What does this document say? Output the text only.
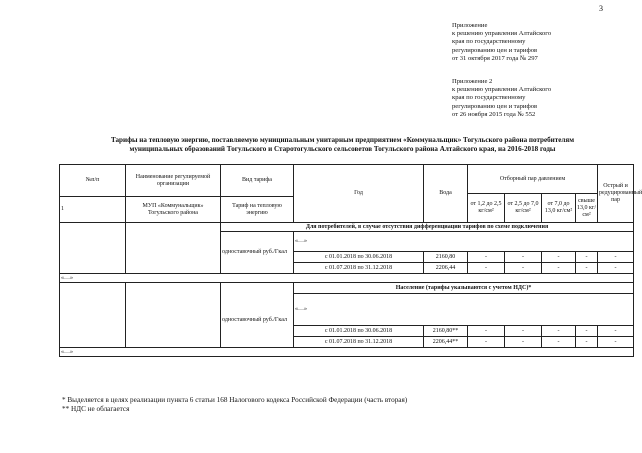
3
Приложение
к решению управления Алтайского
края по государственному
регулированию цен и тарифов
от 31 октября 2017 года № 297
Приложение 2
к решению управления Алтайского
края по государственному
регулированию цен и тарифов
от 26 ноября 2015 года № 552
Тарифы на тепловую энергию, поставляемую муниципальным унитарным предприятием «Коммунальщик» Тогульского района потребителям
муниципальных образований Тогульского и Старотогульского сельсоветов Тогульского района Алтайского края, на 2016-2018 годы
№п/п	Наименование регулируемой организации	Вид тарифа	Год	Вода	Отборный пар давлением				Острый и редуцированный пар
					от 1,2 до 2,5 кг/см²	от 2,5 до 7,0 кг/см²	от 7,0 до 13,0 кг/см²	свыше 13,0 кг/см²	
1	МУП «Коммунальщик» Тогульского района	Тариф на тепловую энергию							
		Для потребителей, в случае отсутствия дифференциации тарифов по схеме подключения							
		одноставочный руб./Гкал	«…»						
			с 01.01.2018 по 30.06.2018	2160,80	-	-	-	-	-
			с 01.07.2018 по 31.12.2018	2206,44	-	-	-	-	-
«…»									
			Население (тарифы указываются с учетом НДС)*						
		одноставочный руб./Гкал	«…»						
			с 01.01.2018 по 30.06.2018	2160,80**	-	-	-	-	-
			с 01.07.2018 по 31.12.2018	2206,44**	-	-	-	-	-
«…»									
* Выделяется в целях реализации пункта 6 статьи 168 Налогового кодекса Российской Федерации (часть вторая)
** НДС не облагается
